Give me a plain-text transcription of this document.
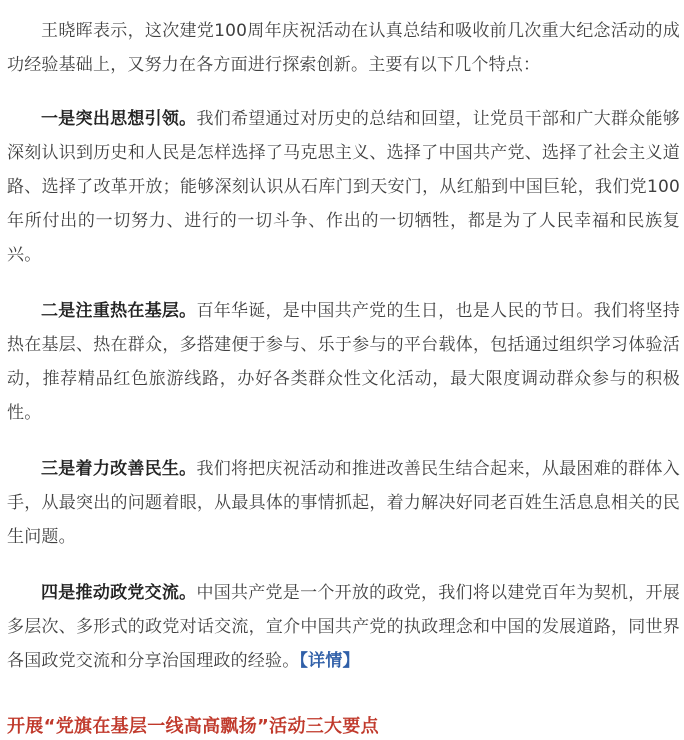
王晓晖表示，这次建党100周年庆祝活动在认真总结和吸收前几次重大纪念活动的成功经验基础上，又努力在各方面进行探索创新。主要有以下几个特点：

一是突出思想引领。我们希望通过对历史的总结和回望，让党员干部和广大群众能够深刻认识到历史和人民是怎样选择了马克思主义、选择了中国共产党、选择了社会主义道路、选择了改革开放；能够深刻认识从石库门到天安门，从红船到中国巨轮，我们党100年所付出的一切努力、进行的一切斗争、作出的一切牺牲，都是为了人民幸福和民族复兴。

二是注重热在基层。百年华诞，是中国共产党的生日，也是人民的节日。我们将坚持热在基层、热在群众，多搭建便于参与、乐于参与的平台载体，包括通过组织学习体验活动，推荐精品红色旅游线路，办好各类群众性文化活动，最大限度调动群众参与的积极性。

三是着力改善民生。我们将把庆祝活动和推进改善民生结合起来，从最困难的群体入手，从最突出的问题着眼，从最具体的事情抓起，着力解决好同老百姓生活息息相关的民生问题。

四是推动政党交流。中国共产党是一个开放的政党，我们将以建党百年为契机，开展多层次、多形式的政党对话交流，宣介中国共产党的执政理念和中国的发展道路，同世界各国政党交流和分享治国理政的经验。【详情】

开展“党旗在基层一线高高飘扬”活动三大要点
